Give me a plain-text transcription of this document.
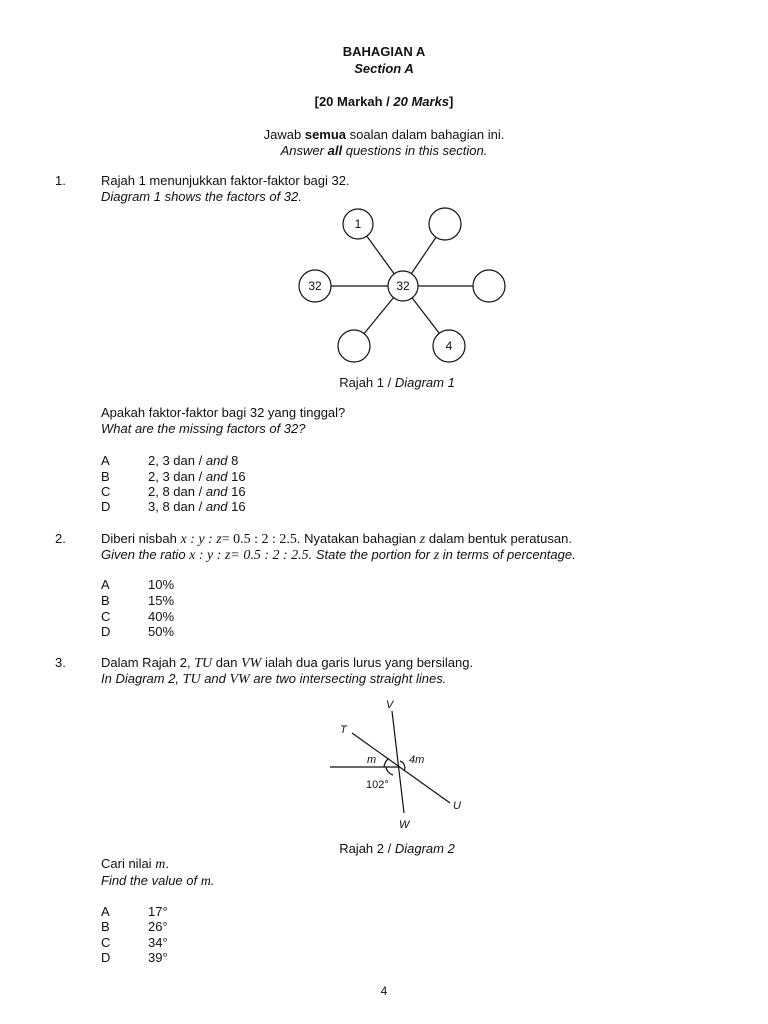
BAHAGIAN A
Section A
[20 Markah / 20 Marks]
Jawab semua soalan dalam bahagian ini.
Answer all questions in this section.
1.	Rajah 1 menunjukkan faktor-faktor bagi 32.
Diagram 1 shows the factors of 32.
32
1
32
4
Rajah 1 / Diagram 1
Apakah faktor-faktor bagi 32 yang tinggal?
What are the missing factors of 32?
A	2, 3 dan / and 8
B	2, 3 dan / and 16
C	2, 8 dan / and 16
D	3, 8 dan / and 16
2.	Diberi nisbah x : y : z= 0.5 : 2 : 2.5. Nyatakan bahagian z dalam bentuk peratusan.
Given the ratio x : y : z= 0.5 : 2 : 2.5. State the portion for z in terms of percentage.
A	10%
B	15%
C	40%
D	50%
3.	Dalam Rajah 2, TU dan VW ialah dua garis lurus yang bersilang.
In Diagram 2, TU and VW are two intersecting straight lines.
V
T
U
W
m	4m
102°
Rajah 2 / Diagram 2
Cari nilai m.
Find the value of m.
A	17°
B	26°
C	34°
D	39°
4
